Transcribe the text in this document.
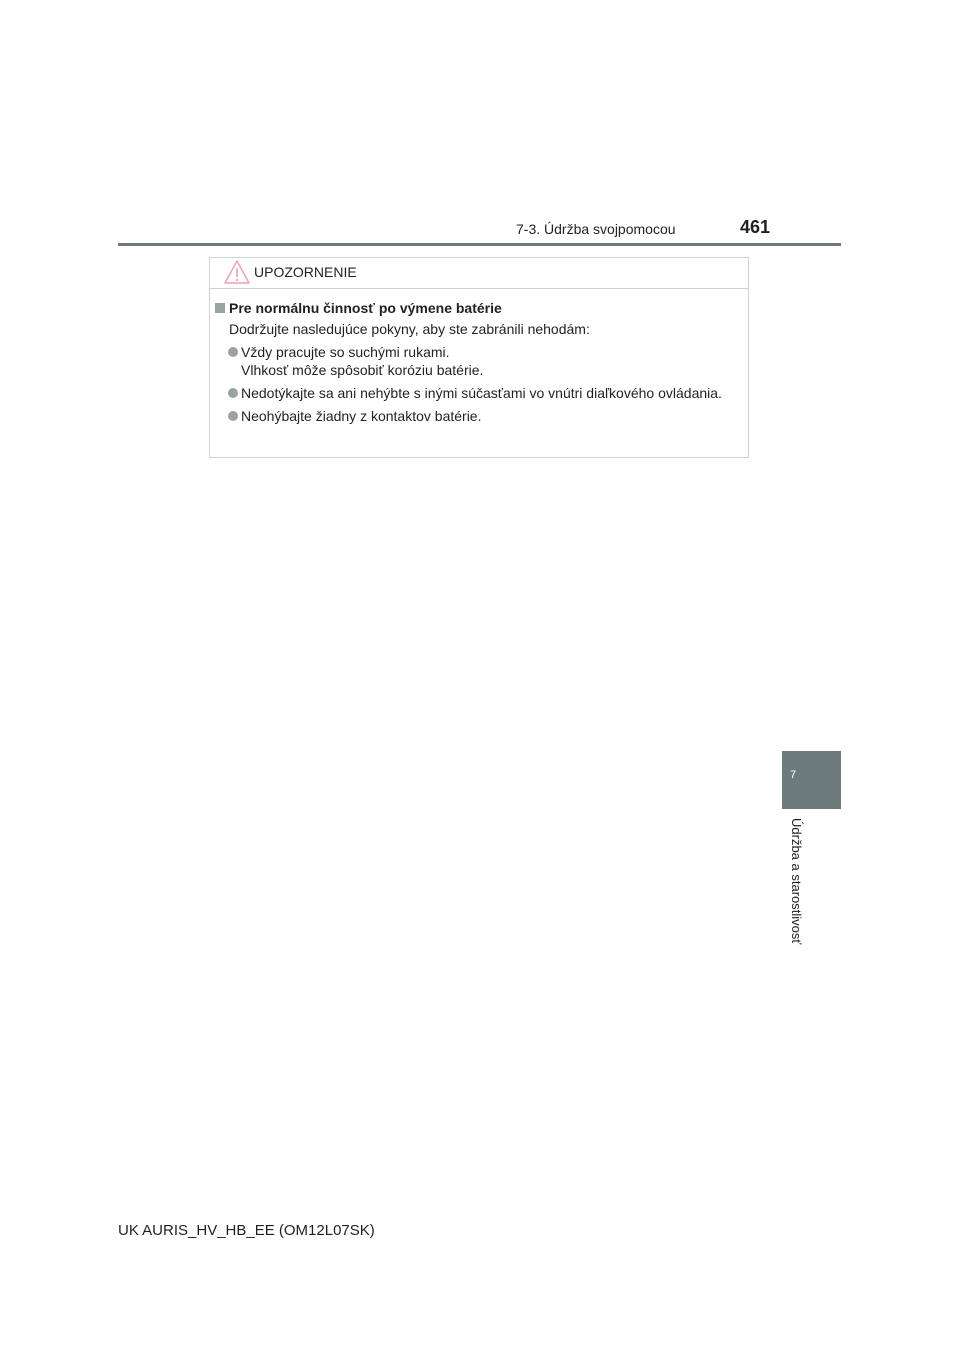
7-3. Údržba svojpomocou	461
UPOZORNENIE
Pre normálnu činnosť po výmene batérie
Dodržujte nasledujúce pokyny, aby ste zabránili nehodám:
Vždy pracujte so suchými rukami.
Vlhkosť môže spôsobiť koróziu batérie.
Nedotýkajte sa ani nehýbte s inými súčasťami vo vnútri diaľkového ovládania.
Neohýbajte žiadny z kontaktov batérie.
7
Údržba a starostlivosť
UK AURIS_HV_HB_EE (OM12L07SK)
